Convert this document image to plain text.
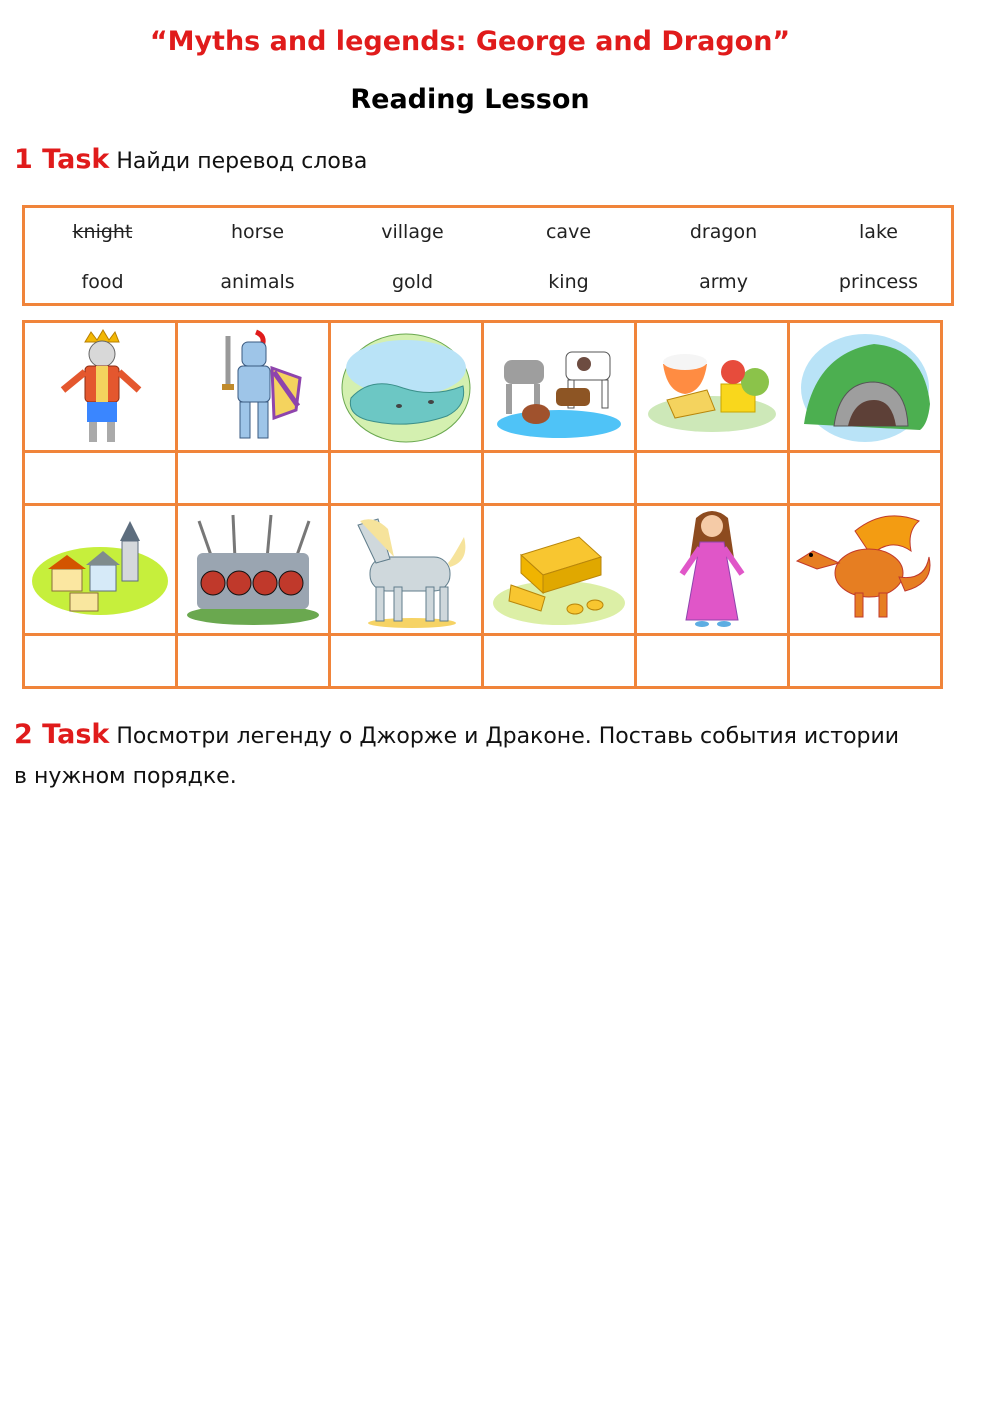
“Myths and legends: George and Dragon”
Reading Lesson
1 Task Найди перевод слова
knight	horse	village	cave	dragon	lake
food	animals	gold	king	army	princess

2 Task Посмотри легенду о Джорже и Драконе. Поставь события истории в нужном порядке.
